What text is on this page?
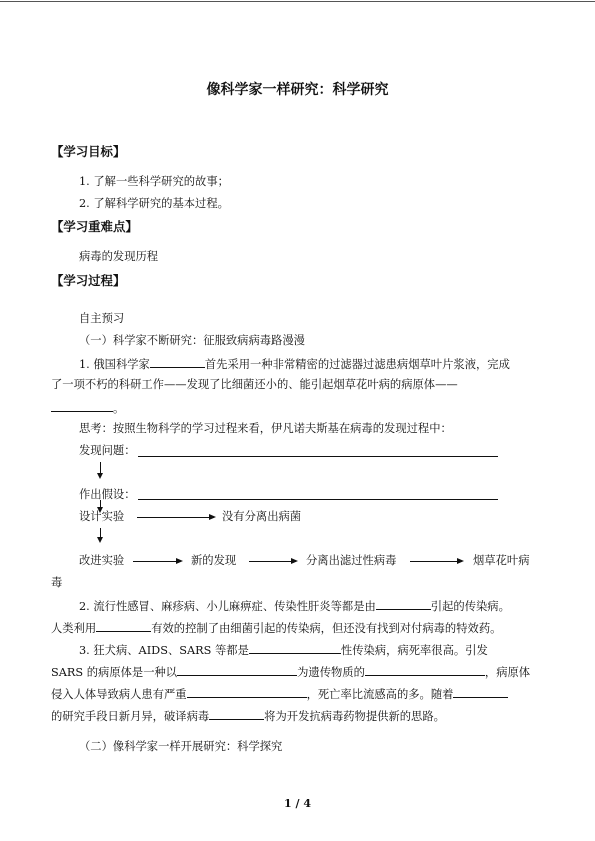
像科学家一样研究：科学研究
【学习目标】
1. 了解一些科学研究的故事；
2. 了解科学研究的基本过程。
【学习重难点】
病毒的发现历程
【学习过程】
自主预习
（一）科学家不断研究：征服致病病毒路漫漫
1. 俄国科学家	首先采用一种非常精密的过滤器过滤患病烟草叶片浆液，完成
了一项不朽的科研工作——发现了比细菌还小的、能引起烟草花叶病的病原体——
。
思考：按照生物科学的学习过程来看，伊凡诺夫斯基在病毒的发现过程中：
发现问题：
作出假设：
设计实验	没有分离出病菌
改进实验	新的发现	分离出滤过性病毒	烟草花叶病
毒
2. 流行性感冒、麻疹病、小儿麻痹症、传染性肝炎等都是由	引起的传染病。
人类利用	有效的控制了由细菌引起的传染病，但还没有找到对付病毒的特效药。
3. 狂犬病、AIDS、SARS 等都是	性传染病，病死率很高。引发
SARS 的病原体是一种以	为遗传物质的	，病原体
侵入人体导致病人患有严重	，死亡率比流感高的多。随着
的研究手段日新月异，破译病毒	将为开发抗病毒药物提供新的思路。
（二）像科学家一样开展研究：科学探究
1 / 4
